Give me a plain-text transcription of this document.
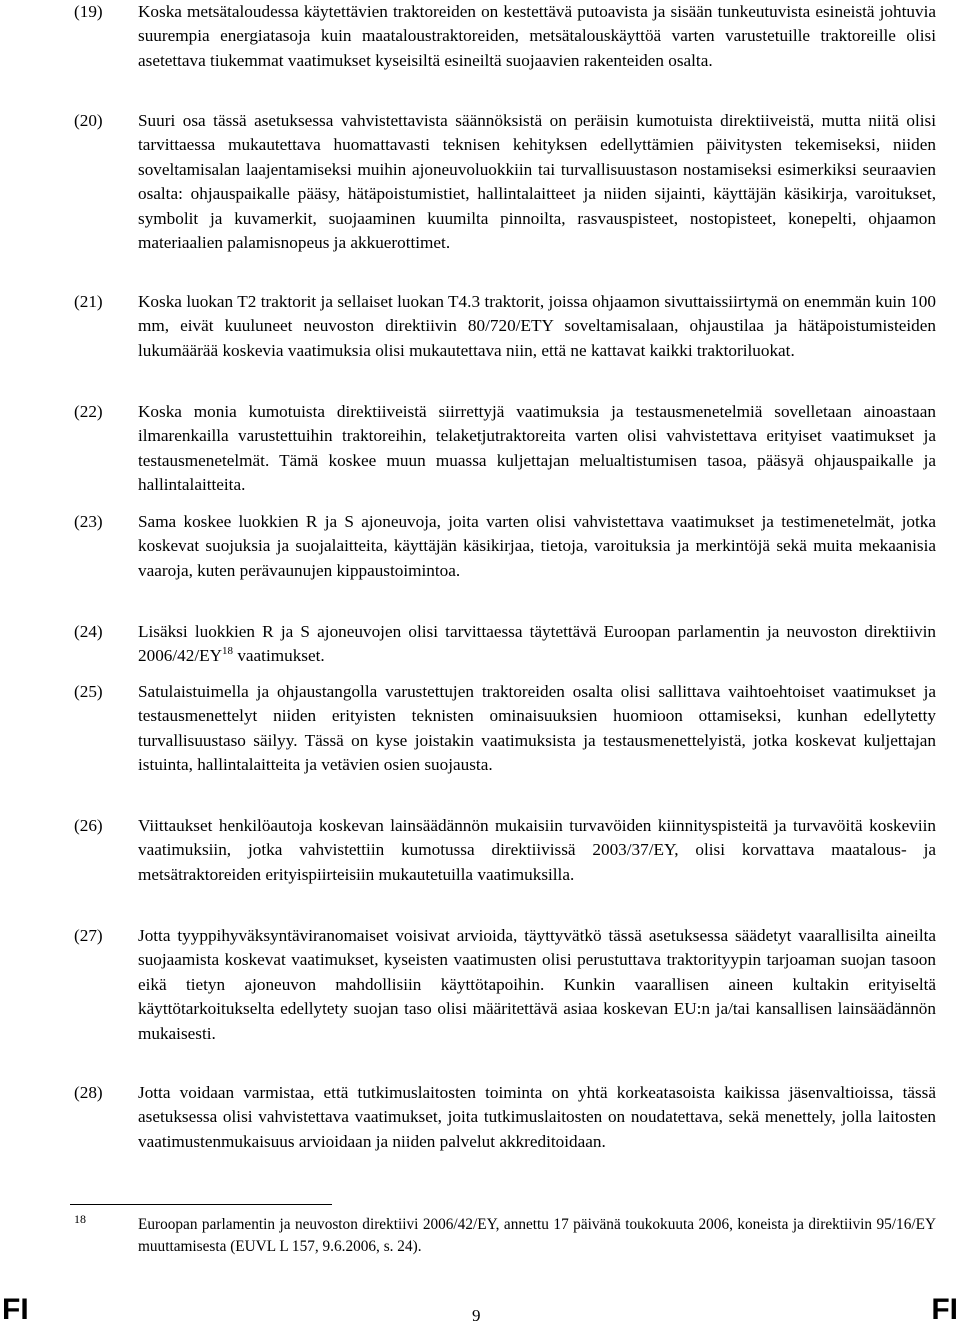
(19) Koska metsätaloudessa käytettävien traktoreiden on kestettävä putoavista ja sisään tunkeutuvista esineistä johtuvia suurempia energiatasoja kuin maataloustraktoreiden, metsätalouskäyttöä varten varustetuille traktoreille olisi asetettava tiukemmat vaatimukset kyseisiltä esineiltä suojaavien rakenteiden osalta.
(20) Suuri osa tässä asetuksessa vahvistettavista säännöksistä on peräisin kumotuista direktiiveistä, mutta niitä olisi tarvittaessa mukautettava huomattavasti teknisen kehityksen edellyttämien päivitysten tekemiseksi, niiden soveltamisalan laajentamiseksi muihin ajoneuvoluokkiin tai turvallisuustason nostamiseksi esimerkiksi seuraavien osalta: ohjauspaikalle pääsy, hätäpoistumistiet, hallintalaitteet ja niiden sijainti, käyttäjän käsikirja, varoitukset, symbolit ja kuvamerkit, suojaaminen kuumilta pinnoilta, rasvauspisteet, nostopisteet, konepelti, ohjaamon materiaalien palamisnopeus ja akkuerottimet.
(21) Koska luokan T2 traktorit ja sellaiset luokan T4.3 traktorit, joissa ohjaamon sivuttaissiirtymä on enemmän kuin 100 mm, eivät kuuluneet neuvoston direktiivin 80/720/ETY soveltamisalaan, ohjaustilaa ja hätäpoistumisteiden lukumäärää koskevia vaatimuksia olisi mukautettava niin, että ne kattavat kaikki traktoriluokat.
(22) Koska monia kumotuista direktiiveistä siirrettyjä vaatimuksia ja testausmenetelmiä sovelletaan ainoastaan ilmarenkailla varustettuihin traktoreihin, telaketjutraktoreita varten olisi vahvistettava erityiset vaatimukset ja testausmenetelmät. Tämä koskee muun muassa kuljettajan melualtistumisen tasoa, pääsyä ohjauspaikalle ja hallintalaitteita.
(23) Sama koskee luokkien R ja S ajoneuvoja, joita varten olisi vahvistettava vaatimukset ja testimenetelmät, jotka koskevat suojuksia ja suojalaitteita, käyttäjän käsikirjaa, tietoja, varoituksia ja merkintöjä sekä muita mekaanisia vaaroja, kuten perävaunujen kippaustoimintoa.
(24) Lisäksi luokkien R ja S ajoneuvojen olisi tarvittaessa täytettävä Euroopan parlamentin ja neuvoston direktiivin 2006/42/EY$^{18}$ vaatimukset.
(25) Satulaistuimella ja ohjaustangolla varustettujen traktoreiden osalta olisi sallittava vaihtoehtoiset vaatimukset ja testausmenettelyt niiden erityisten teknisten ominaisuuksien huomioon ottamiseksi, kunhan edellytetty turvallisuustaso säilyy. Tässä on kyse joistakin vaatimuksista ja testausmenettelyistä, jotka koskevat kuljettajan istuinta, hallintalaitteita ja vetävien osien suojausta.
(26) Viittaukset henkilöautoja koskevan lainsäädännön mukaisiin turvavöiden kiinnityspisteitä ja turvavöitä koskeviin vaatimuksiin, jotka vahvistettiin kumotussa direktiivissä 2003/37/EY, olisi korvattava maatalous- ja metsätraktoreiden erityispiirteisiin mukautetuilla vaatimuksilla.
(27) Jotta tyyppihyväksyntäviranomaiset voisivat arvioida, täyttyvätkö tässä asetuksessa säädetyt vaarallisilta aineilta suojaamista koskevat vaatimukset, kyseisten vaatimusten olisi perustuttava traktorityypin tarjoaman suojan tasoon eikä tietyn ajoneuvon mahdollisiin käyttötapoihin. Kunkin vaarallisen aineen kultakin erityiseltä käyttötarkoitukselta edellytety suojan taso olisi määritettävä asiaa koskevan EU:n ja/tai kansallisen lainsäädännön mukaisesti.
(28) Jotta voidaan varmistaa, että tutkimuslaitosten toiminta on yhtä korkeatasoista kaikissa jäsenvaltioissa, tässä asetuksessa olisi vahvistettava vaatimukset, joita tutkimuslaitosten on noudatettava, sekä menettely, jolla laitosten vaatimustenmukaisuus arvioidaan ja niiden palvelut akkreditoidaan.
18	Euroopan parlamentin ja neuvoston direktiivi 2006/42/EY, annettu 17 päivänä toukokuuta 2006, koneista ja direktiivin 95/16/EY muuttamisesta (EUVL L 157, 9.6.2006, s. 24).
FI	9	FI
